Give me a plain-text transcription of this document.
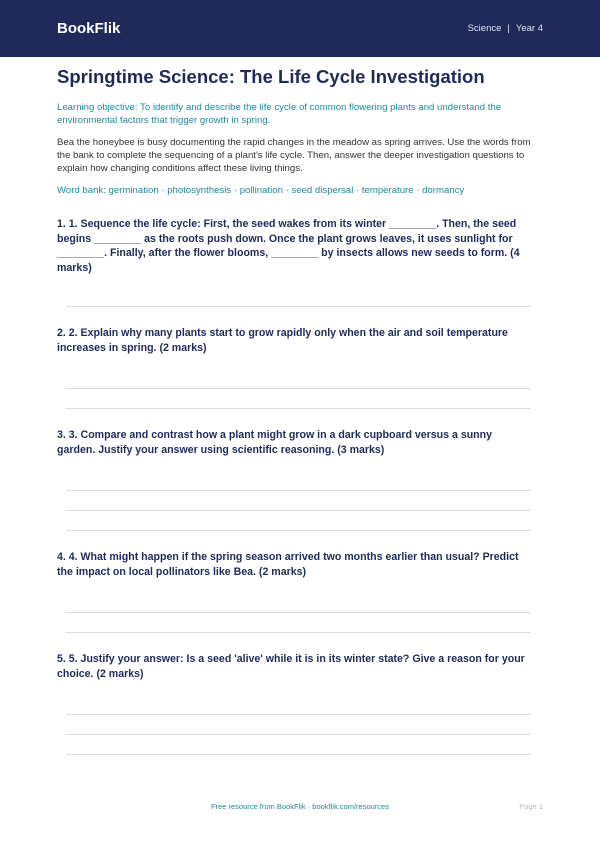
BookFlik	Science | Year 4
Springtime Science: The Life Cycle Investigation
Learning objective: To identify and describe the life cycle of common flowering plants and understand the environmental factors that trigger growth in spring.
Bea the honeybee is busy documenting the rapid changes in the meadow as spring arrives. Use the words from the bank to complete the sequencing of a plant's life cycle. Then, answer the deeper investigation questions to explain how changing conditions affect these living things.
Word bank: germination · photosynthesis · pollination · seed dispersal · temperature · dormancy
1. 1. Sequence the life cycle: First, the seed wakes from its winter ________. Then, the seed begins ________ as the roots push down. Once the plant grows leaves, it uses sunlight for ________. Finally, after the flower blooms, ________ by insects allows new seeds to form. (4 marks)
2. 2. Explain why many plants start to grow rapidly only when the air and soil temperature increases in spring. (2 marks)
3. 3. Compare and contrast how a plant might grow in a dark cupboard versus a sunny garden. Justify your answer using scientific reasoning. (3 marks)
4. 4. What might happen if the spring season arrived two months earlier than usual? Predict the impact on local pollinators like Bea. (2 marks)
5. 5. Justify your answer: Is a seed 'alive' while it is in its winter state? Give a reason for your choice. (2 marks)
Free resource from BookFlik · bookflik.com/resources	Page 1
